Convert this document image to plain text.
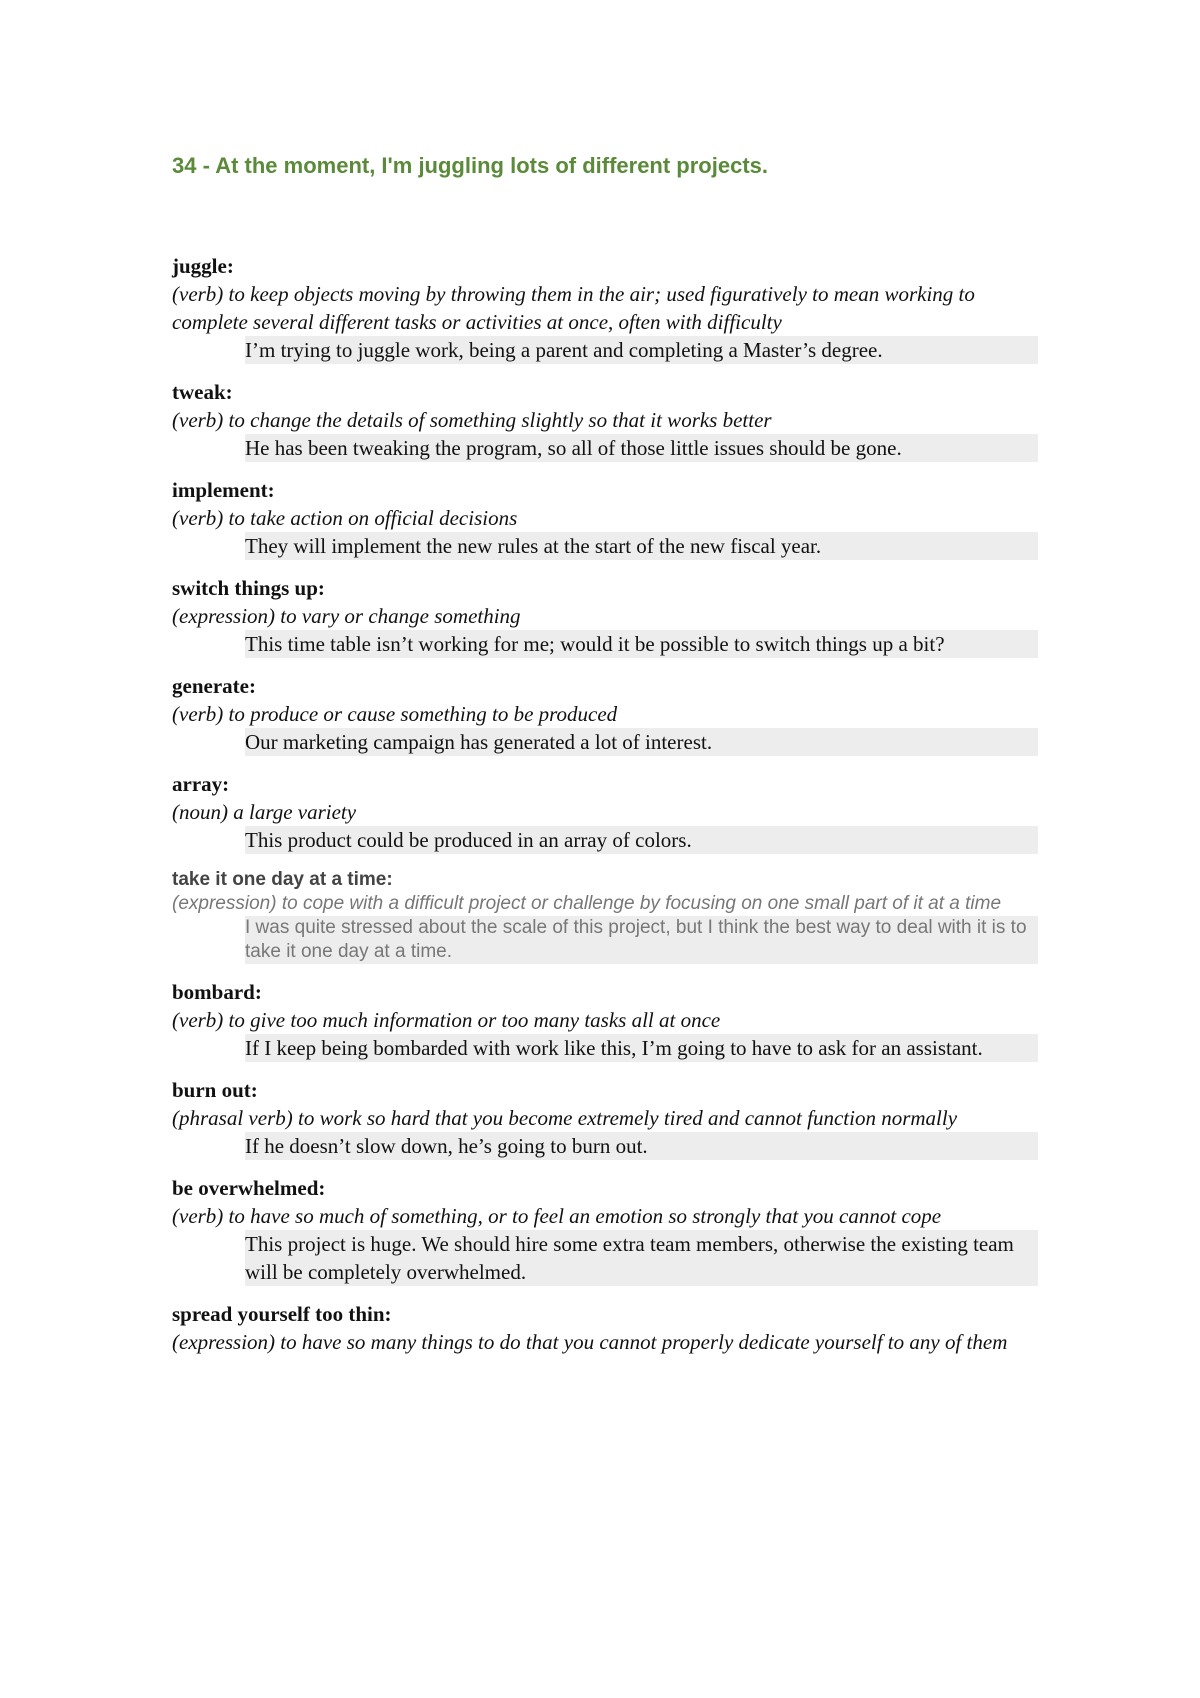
34 - At the moment, I'm juggling lots of different projects.
juggle:
(verb) to keep objects moving by throwing them in the air; used figuratively to mean working to complete several different tasks or activities at once, often with difficulty
I’m trying to juggle work, being a parent and completing a Master’s degree.
tweak:
(verb) to change the details of something slightly so that it works better
He has been tweaking the program, so all of those little issues should be gone.
implement:
(verb) to take action on official decisions
They will implement the new rules at the start of the new fiscal year.
switch things up:
(expression) to vary or change something
This time table isn’t working for me; would it be possible to switch things up a bit?
generate:
(verb) to produce or cause something to be produced
Our marketing campaign has generated a lot of interest.
array:
(noun) a large variety
This product could be produced in an array of colors.
take it one day at a time:
(expression) to cope with a difficult project or challenge by focusing on one small part of it at a time
I was quite stressed about the scale of this project, but I think the best way to deal with it is to take it one day at a time.
bombard:
(verb) to give too much information or too many tasks all at once
If I keep being bombarded with work like this, I’m going to have to ask for an assistant.
burn out:
(phrasal verb) to work so hard that you become extremely tired and cannot function normally
If he doesn’t slow down, he’s going to burn out.
be overwhelmed:
(verb) to have so much of something, or to feel an emotion so strongly that you cannot cope
This project is huge. We should hire some extra team members, otherwise the existing team will be completely overwhelmed.
spread yourself too thin:
(expression) to have so many things to do that you cannot properly dedicate yourself to any of them
